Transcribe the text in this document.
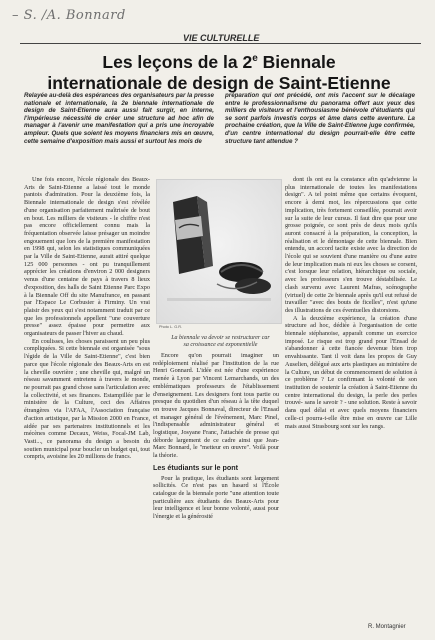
– S. /A. Bonnard
VIE CULTURELLE
Les leçons de la 2e Biennale
internationale de design de Saint-Etienne
Relayée au-delà des espérances des organisateurs par la presse nationale et internationale, la 2e biennale internationale de design de Saint-Etienne aura aussi fait surgir, en interne, l'impérieuse nécessité de créer une structure ad hoc afin de manager à l'avenir une manifestation qui a pris une incroyable ampleur. Quels que soient les moyens financiers mis en œuvre, cette semaine d'exposition mais aussi et surtout les mois de
préparation qui ont précédé, ont mis l'accent sur le décalage entre le professionnalisme du panorama offert aux yeux des milliers de visiteurs et l'enthousiasme bénévole d'étudiants qui se sont parfois investis corps et âme dans cette aventure. La prochaine création, que la Ville de Saint-Etienne juge confirmée, d'un centre international du design pourrait-elle être cette structure tant attendue ?

Une fois encore, l'école régionale des Beaux-Arts de Saint-Etienne a laissé tout le monde pantois d'admiration. Pour la deuxième fois, la Biennale internationale de design s'est révélée d'une organisation parfaitement maîtrisée de bout en bout. Les milliers de visiteurs - le chiffre n'est pas encore officiellement connu mais la fréquentation observée laisse présager un moindre engouement que lors de la première manifestation en 1998 qui, selon les statistiques communiquées par la Ville de Saint-Etienne, aurait attiré quelque 125 000 personnes - ont pu tranquillement apprécier les créations d'environ 2 000 designers venus d'une centaine de pays à travers 8 lieux d'exposition, des halls de Saint Etienne Parc Expo à la Biennale Off du site Manufrance, en passant par l'Espace Le Corbusier à Firminy. Un vrai plaisir des yeux qui s'est notamment traduit par ce que les professionnels appellent "une couverture presse" assez épaisse pour permettre aux organisateurs de passer l'hiver au chaud.

En coulisses, les choses paraissent un peu plus compliquées. Si cette biennale est organisée "sous l'égide de la Ville de Saint-Etienne", c'est bien parce que l'école régionale des Beaux-Arts en est la cheville ouvrière ; une cheville qui, malgré un réseau savamment entretenu à travers le monde, ne pourrait pas grand chose sans l'articulation avec la collectivité, et ses finances. Estampillée par le ministère de la Culture, ceci des Affaires étrangères via l'AFAA, l'Association française d'action artistique, par la Mission 2000 en France, aidée par ses partenaires institutionnels et les mécènes comme Decaux, Weiss, Focal-JM Lab, Vasti..., ce panorama du design a besoin du soutien municipal pour boucler un budget qui, tout compris, avoisine les 20 millions de francs.

Photo L. G.R.
La biennale va devoir se restructurer car sa croissance est exponentielle

Encore qu'on pourrait imaginer un redéploiement réalisé par l'institution de la rue Henri Gonnard. L'idée est née d'une expérience menée à Lyon par Vincent Lemarchands, un des emblématiques professeurs de l'établissement d'enseignement. Les designers font tous partie ou presque du quotidien d'un réseau à la tête duquel on trouve Jacques Bonnaval, directeur de l'Ensad et manager général de l'événement, Marc Pinel, l'indispensable administrateur général et logistique, Josyane Franc, l'attachée de presse qui déborde largement de ce cadre ainsi que Jean-Marc Bonnard, le "metteur en œuvre". Voilà pour la théorie.

Les étudiants sur le pont

Pour la pratique, les étudiants sont largement sollicités. Ce n'est pas un hasard si l'École catalogue de la biennale porte "une attention toute particulière aux étudiants des Beaux-Arts pour leur intelligence et leur bonne volonté, aussi pour l'énergie et la générosité

dont ils ont eu la constance afin qu'advienne la plus internationale de toutes les manifestations design". A tel point même que certains évoquent, encore à demi mot, les répercussions que cette implication, très fortement conseillée, pourrait avoir sur la suite de leur cursus. Il faut dire que pour une grosse poignée, ce sont près de deux mois qu'ils auront consacré à la préparation, la conception, la réalisation et le démontage de cette biennale. Bien entendu, un accord tacite existe avec la direction de l'école qui se souvient d'une manière ou d'une autre de leur implication mais ni eux les choses se corsent, c'est lorsque leur relation, hiérarchique ou sociale, avec les professeurs s'en trouve déstabilisée. Le clash survenu avec Laurent Mafras, scénographe (virtuel) de cette 2e biennale après qu'il eut refusé de travailler "avec des bouts de ficelles", n'est qu'une des illustrations de ces éventuelles distorsions.

A la deuxième expérience, la création d'une structure ad hoc, dédiée à l'organisation de cette biennale stéphanoise, apparaît comme un exercice imposé. Le risque est trop grand pour l'Ensad de s'abandonner à cette fiancée devenue bien trop envahissante. Tant il voit dans les propos de Guy Auselien, délégué aux arts plastiques au ministère de la Culture, un début de commencement de solution à ce problème ? Le confirmant la volonté de son institution de soutenir la création à Saint-Etienne du centre international du design, la perle des perles trouvé- sans le savoir ? - une solution. Reste à savoir dans quel délai et avec quels moyens financiers celle-ci pourra-t-elle être mise en œuvre car Lille mais aussi Strasbourg sont sur les rangs.

R. Montagnier
